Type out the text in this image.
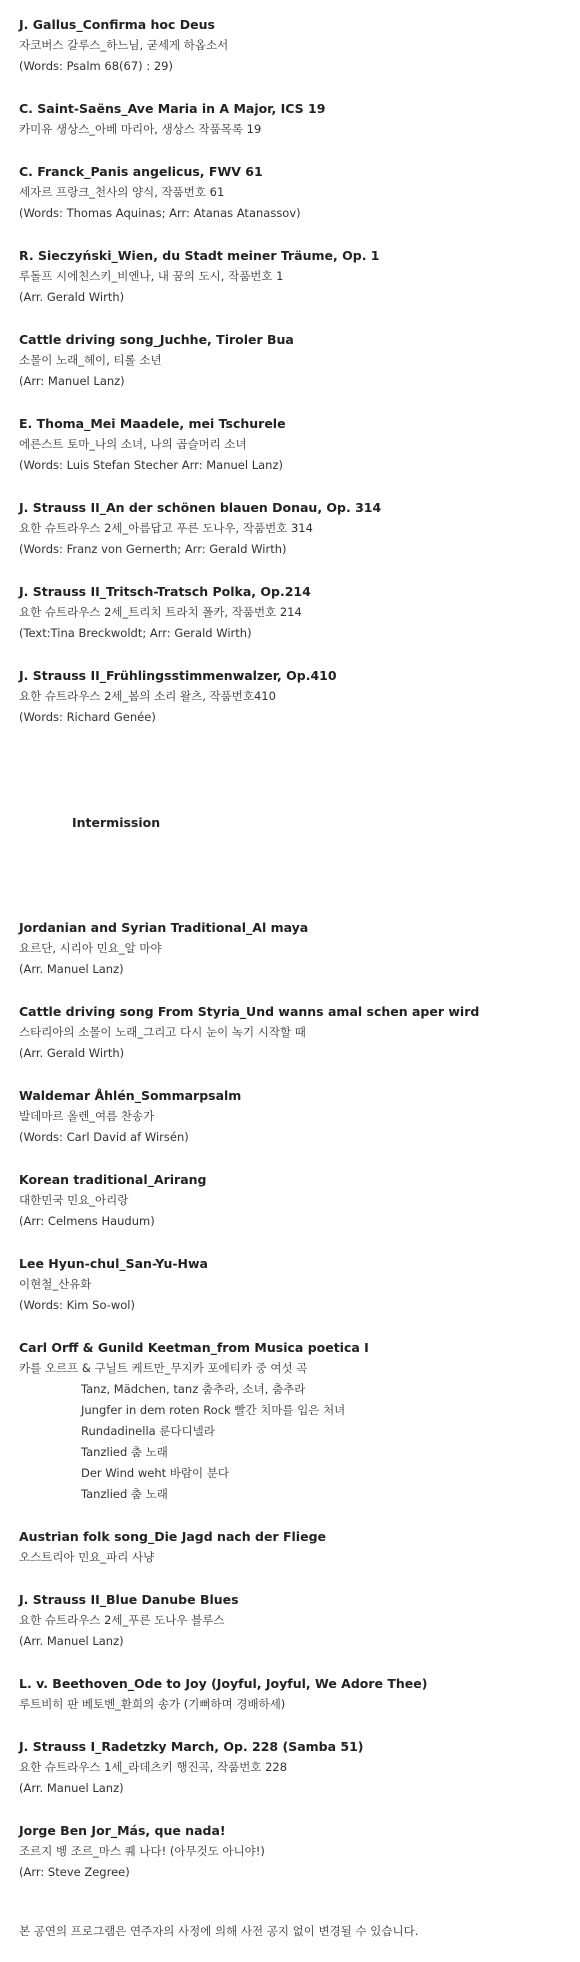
J. Gallus_Confirma hoc Deus
자코버스 갈루스_하느님, 굳세게 하옵소서
(Words: Psalm 68(67) : 29)
C. Saint-Saëns_Ave Maria in A Major, ICS 19
카미유 생상스_아베 마리아, 생상스 작품목록 19
C. Franck_Panis angelicus, FWV 61
세자르 프랑크_천사의 양식, 작품번호 61
(Words: Thomas Aquinas; Arr: Atanas Atanassov)
R. Sieczyński_Wien, du Stadt meiner Träume, Op. 1
루돌프 시에친스키_비엔나, 내 꿈의 도시, 작품번호 1
(Arr. Gerald Wirth)
Cattle driving song_Juchhe, Tiroler Bua
소몰이 노래_헤이, 티롤 소년
(Arr: Manuel Lanz)
E. Thoma_Mei Maadele, mei Tschurele
에른스트 토마_나의 소녀, 나의 곱슬머리 소녀
(Words: Luis Stefan Stecher Arr: Manuel Lanz)
J. Strauss II_An der schönen blauen Donau, Op. 314
요한 슈트라우스 2세_아름답고 푸른 도나우, 작품번호 314
(Words: Franz von Gernerth; Arr: Gerald Wirth)
J. Strauss II_Tritsch-Tratsch Polka, Op.214
요한 슈트라우스 2세_트리치 트라치 폴카, 작품번호 214
(Text:Tina Breckwoldt; Arr: Gerald Wirth)
J. Strauss II_Frühlingsstimmenwalzer, Op.410
요한 슈트라우스 2세_봄의 소리 왈츠, 작품번호410
(Words: Richard Genée)
Intermission
Jordanian and Syrian Traditional_Al maya
요르단, 시리아 민요_알 마야
(Arr. Manuel Lanz)
Cattle driving song From Styria_Und wanns amal schen aper wird
스타리아의 소몰이 노래_그리고 다시 눈이 녹기 시작할 때
(Arr. Gerald Wirth)
Waldemar Åhlén_Sommarpsalm
발데마르 올렌_여름 찬송가
(Words: Carl David af Wirsén)
Korean traditional_Arirang
대한민국 민요_아리랑
(Arr: Celmens Haudum)
Lee Hyun-chul_San-Yu-Hwa
이현철_산유화
(Words: Kim So-wol)
Carl Orff & Gunild Keetman_from Musica poetica I
카를 오르프 & 구닐트 케트만_무지카 포에티카 중 여섯 곡
Tanz, Mädchen, tanz 춤추라, 소녀, 춤추라
Jungfer in dem roten Rock 빨간 치마를 입은 처녀
Rundadinella 룬다디넬라
Tanzlied 춤 노래
Der Wind weht 바람이 분다
Tanzlied 춤 노래
Austrian folk song_Die Jagd nach der Fliege
오스트리아 민요_파리 사냥
J. Strauss II_Blue Danube Blues
요한 슈트라우스 2세_푸른 도나우 블루스
(Arr. Manuel Lanz)
L. v. Beethoven_Ode to Joy (Joyful, Joyful, We Adore Thee)
루트비히 판 베토벤_환희의 송가 (기뻐하며 경배하세)
J. Strauss I_Radetzky March, Op. 228 (Samba 51)
요한 슈트라우스 1세_라데츠키 행진곡, 작품번호 228
(Arr. Manuel Lanz)
Jorge Ben Jor_Más, que nada!
조르지 벵 조르_마스 퀘 나다! (아무것도 아니야!)
(Arr: Steve Zegree)
본 공연의 프로그램은 연주자의 사정에 의해 사전 공지 없이 변경될 수 있습니다.
